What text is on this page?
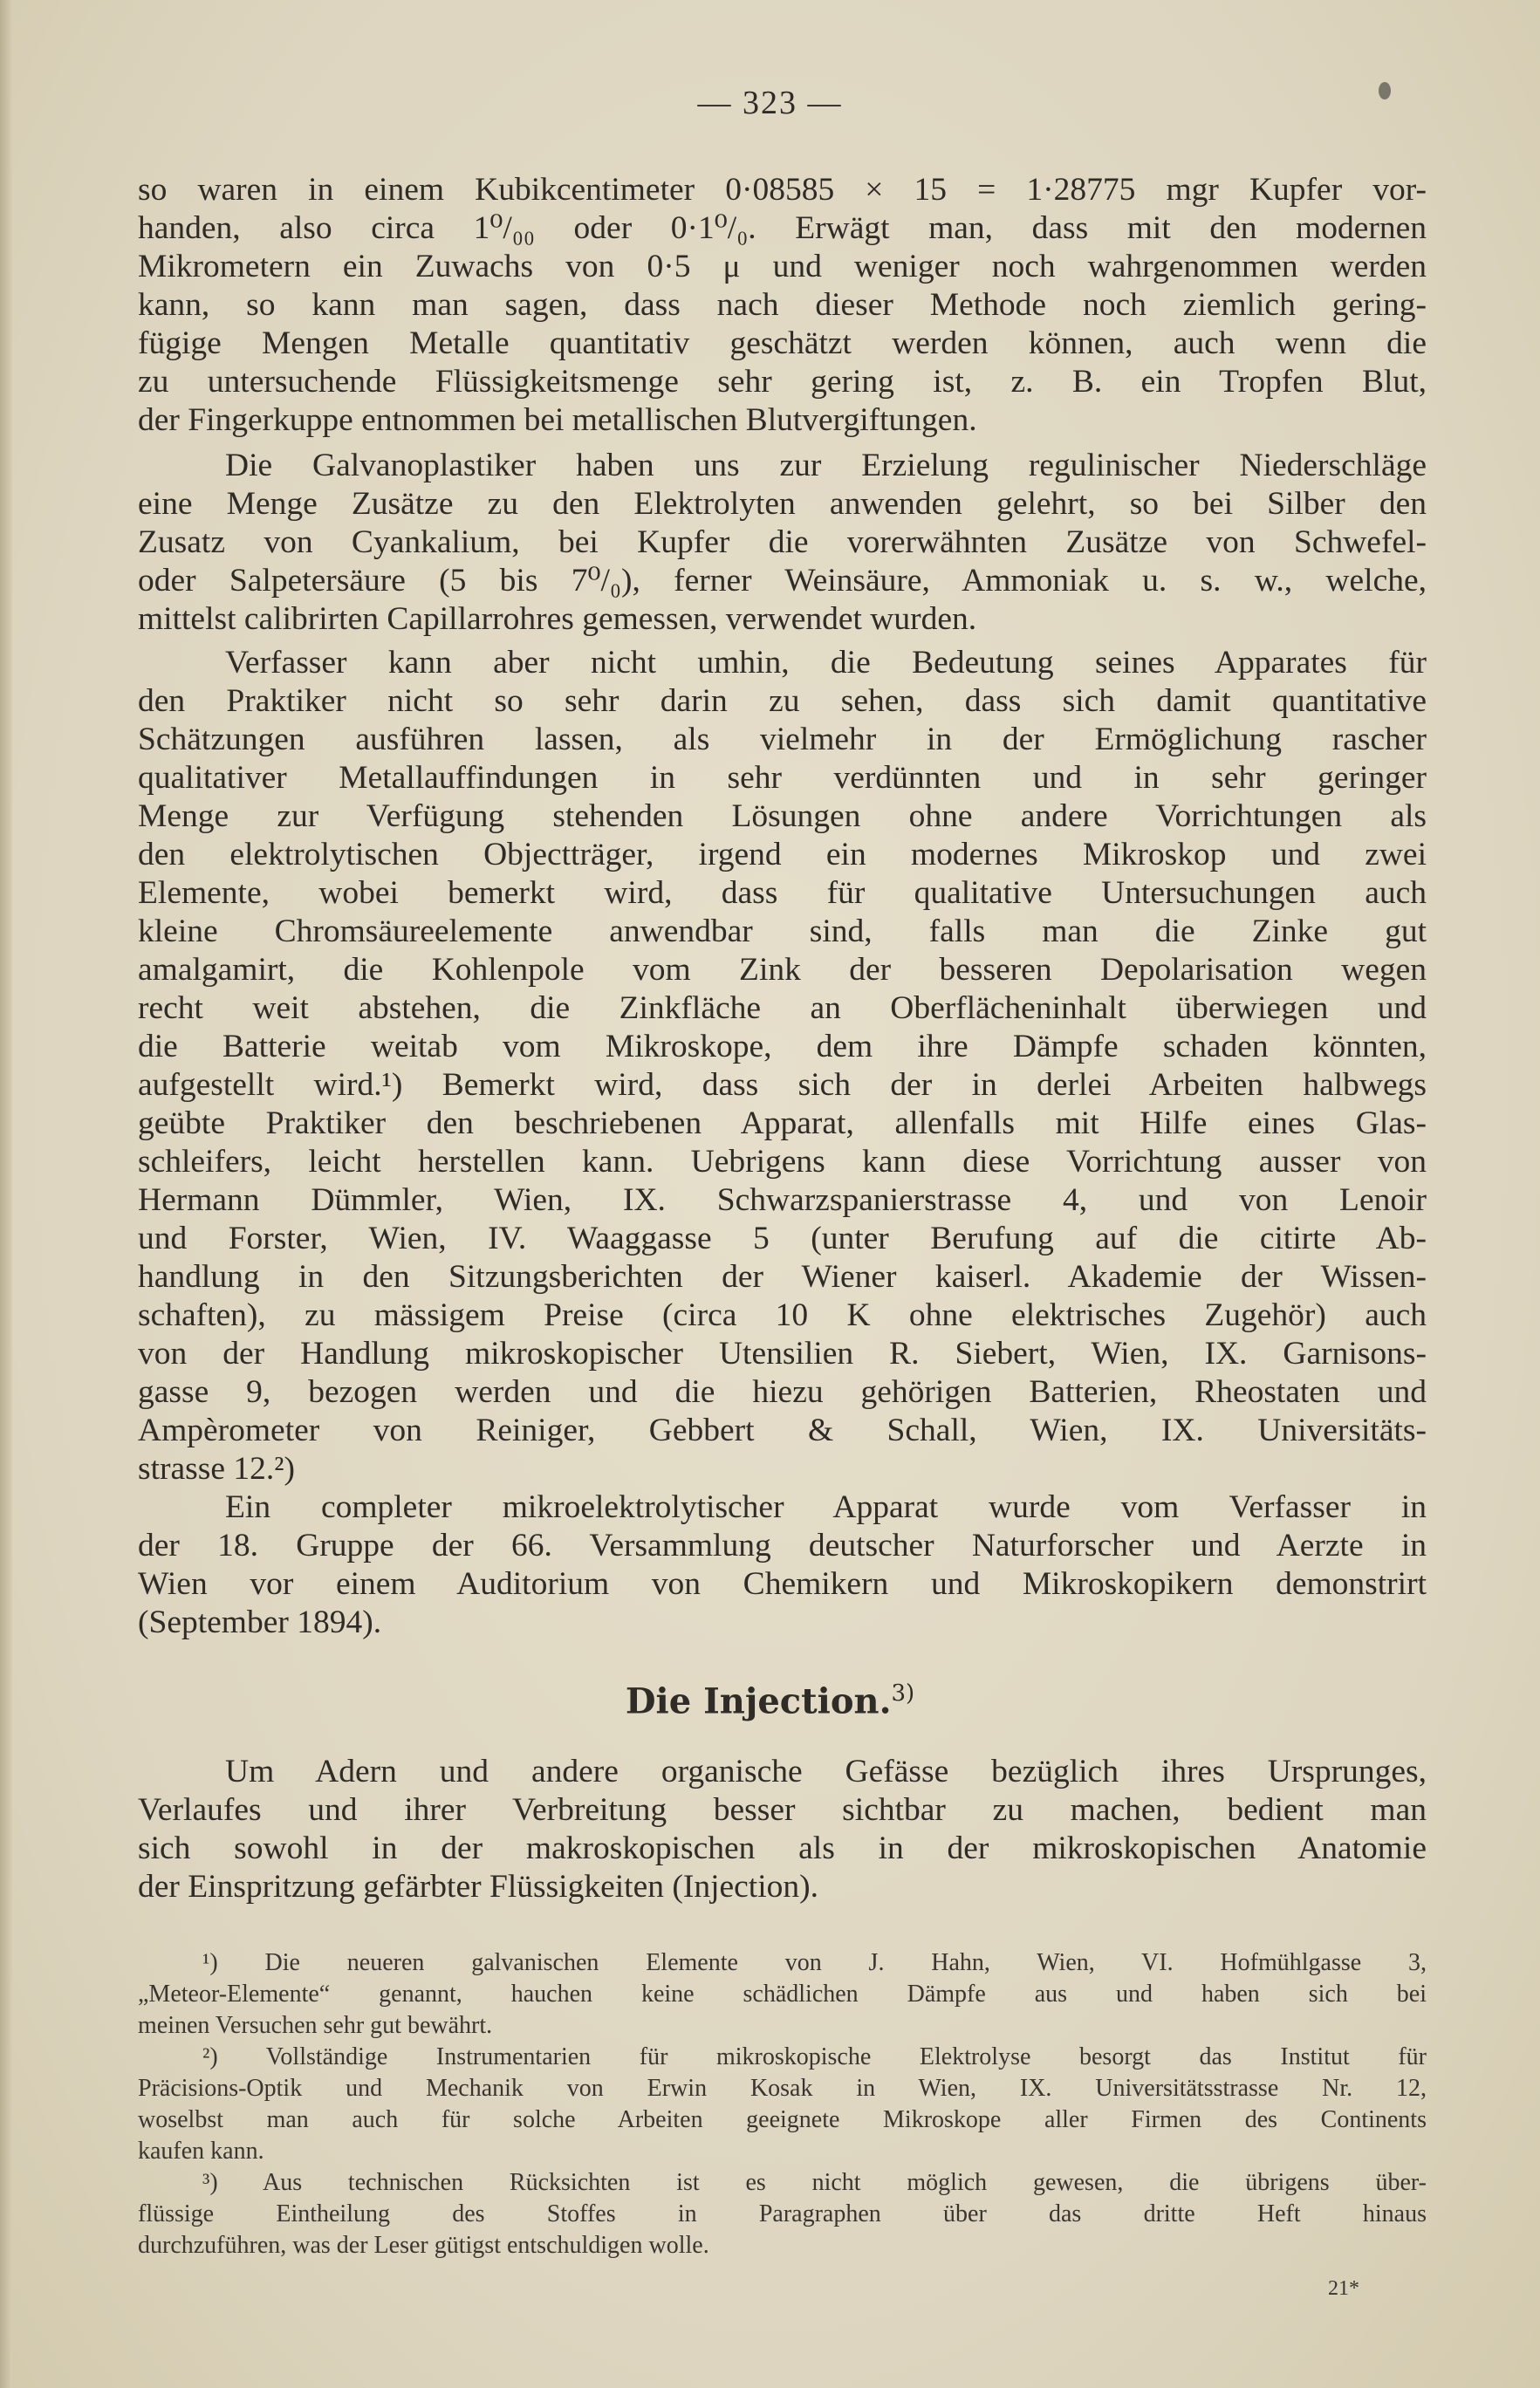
— 323 —
so waren in einem Kubikcentimeter 0·08585 × 15 = 1·28775 mgr Kupfer vor-
handen, also circa 1⁰/₀₀ oder 0·1⁰/₀. Erwägt man, dass mit den modernen
Mikrometern ein Zuwachs von 0·5 μ und weniger noch wahrgenommen werden
kann, so kann man sagen, dass nach dieser Methode noch ziemlich gering-
fügige Mengen Metalle quantitativ geschätzt werden können, auch wenn die
zu untersuchende Flüssigkeitsmenge sehr gering ist, z. B. ein Tropfen Blut,
der Fingerkuppe entnommen bei metallischen Blutvergiftungen.
Die Galvanoplastiker haben uns zur Erzielung regulinischer Niederschläge
eine Menge Zusätze zu den Elektrolyten anwenden gelehrt, so bei Silber den
Zusatz von Cyankalium, bei Kupfer die vorerwähnten Zusätze von Schwefel-
oder Salpetersäure (5 bis 7⁰/₀), ferner Weinsäure, Ammoniak u. s. w., welche,
mittelst calibrirten Capillarrohres gemessen, verwendet wurden.
Verfasser kann aber nicht umhin, die Bedeutung seines Apparates für
den Praktiker nicht so sehr darin zu sehen, dass sich damit quantitative
Schätzungen ausführen lassen, als vielmehr in der Ermöglichung rascher
qualitativer Metallauffindungen in sehr verdünnten und in sehr geringer
Menge zur Verfügung stehenden Lösungen ohne andere Vorrichtungen als
den elektrolytischen Objectträger, irgend ein modernes Mikroskop und zwei
Elemente, wobei bemerkt wird, dass für qualitative Untersuchungen auch
kleine Chromsäureelemente anwendbar sind, falls man die Zinke gut
amalgamirt, die Kohlenpole vom Zink der besseren Depolarisation wegen
recht weit abstehen, die Zinkfläche an Oberflächeninhalt überwiegen und
die Batterie weitab vom Mikroskope, dem ihre Dämpfe schaden könnten,
aufgestellt wird.¹) Bemerkt wird, dass sich der in derlei Arbeiten halbwegs
geübte Praktiker den beschriebenen Apparat, allenfalls mit Hilfe eines Glas-
schleifers, leicht herstellen kann. Uebrigens kann diese Vorrichtung ausser von
Hermann Dümmler, Wien, IX. Schwarzspanierstrasse 4, und von Lenoir
und Forster, Wien, IV. Waaggasse 5 (unter Berufung auf die citirte Ab-
handlung in den Sitzungsberichten der Wiener kaiserl. Akademie der Wissen-
schaften), zu mässigem Preise (circa 10 K ohne elektrisches Zugehör) auch
von der Handlung mikroskopischer Utensilien R. Siebert, Wien, IX. Garnisons-
gasse 9, bezogen werden und die hiezu gehörigen Batterien, Rheostaten und
Ampèrometer von Reiniger, Gebbert & Schall, Wien, IX. Universitäts-
strasse 12.²)
Ein completer mikroelektrolytischer Apparat wurde vom Verfasser in
der 18. Gruppe der 66. Versammlung deutscher Naturforscher und Aerzte in
Wien vor einem Auditorium von Chemikern und Mikroskopikern demonstrirt
(September 1894).
Die Injection.$^{3)}$
Um Adern und andere organische Gefässe bezüglich ihres Ursprunges,
Verlaufes und ihrer Verbreitung besser sichtbar zu machen, bedient man
sich sowohl in der makroskopischen als in der mikroskopischen Anatomie
der Einspritzung gefärbter Flüssigkeiten (Injection).
¹) Die neueren galvanischen Elemente von J. Hahn, Wien, VI. Hofmühlgasse 3,
„Meteor-Elemente“ genannt, hauchen keine schädlichen Dämpfe aus und haben sich bei
meinen Versuchen sehr gut bewährt.
²) Vollständige Instrumentarien für mikroskopische Elektrolyse besorgt das Institut für
Präcisions-Optik und Mechanik von Erwin Kosak in Wien, IX. Universitätsstrasse Nr. 12,
woselbst man auch für solche Arbeiten geeignete Mikroskope aller Firmen des Continents
kaufen kann.
³) Aus technischen Rücksichten ist es nicht möglich gewesen, die übrigens über-
flüssige Eintheilung des Stoffes in Paragraphen über das dritte Heft hinaus
durchzuführen, was der Leser gütigst entschuldigen wolle.
21*
